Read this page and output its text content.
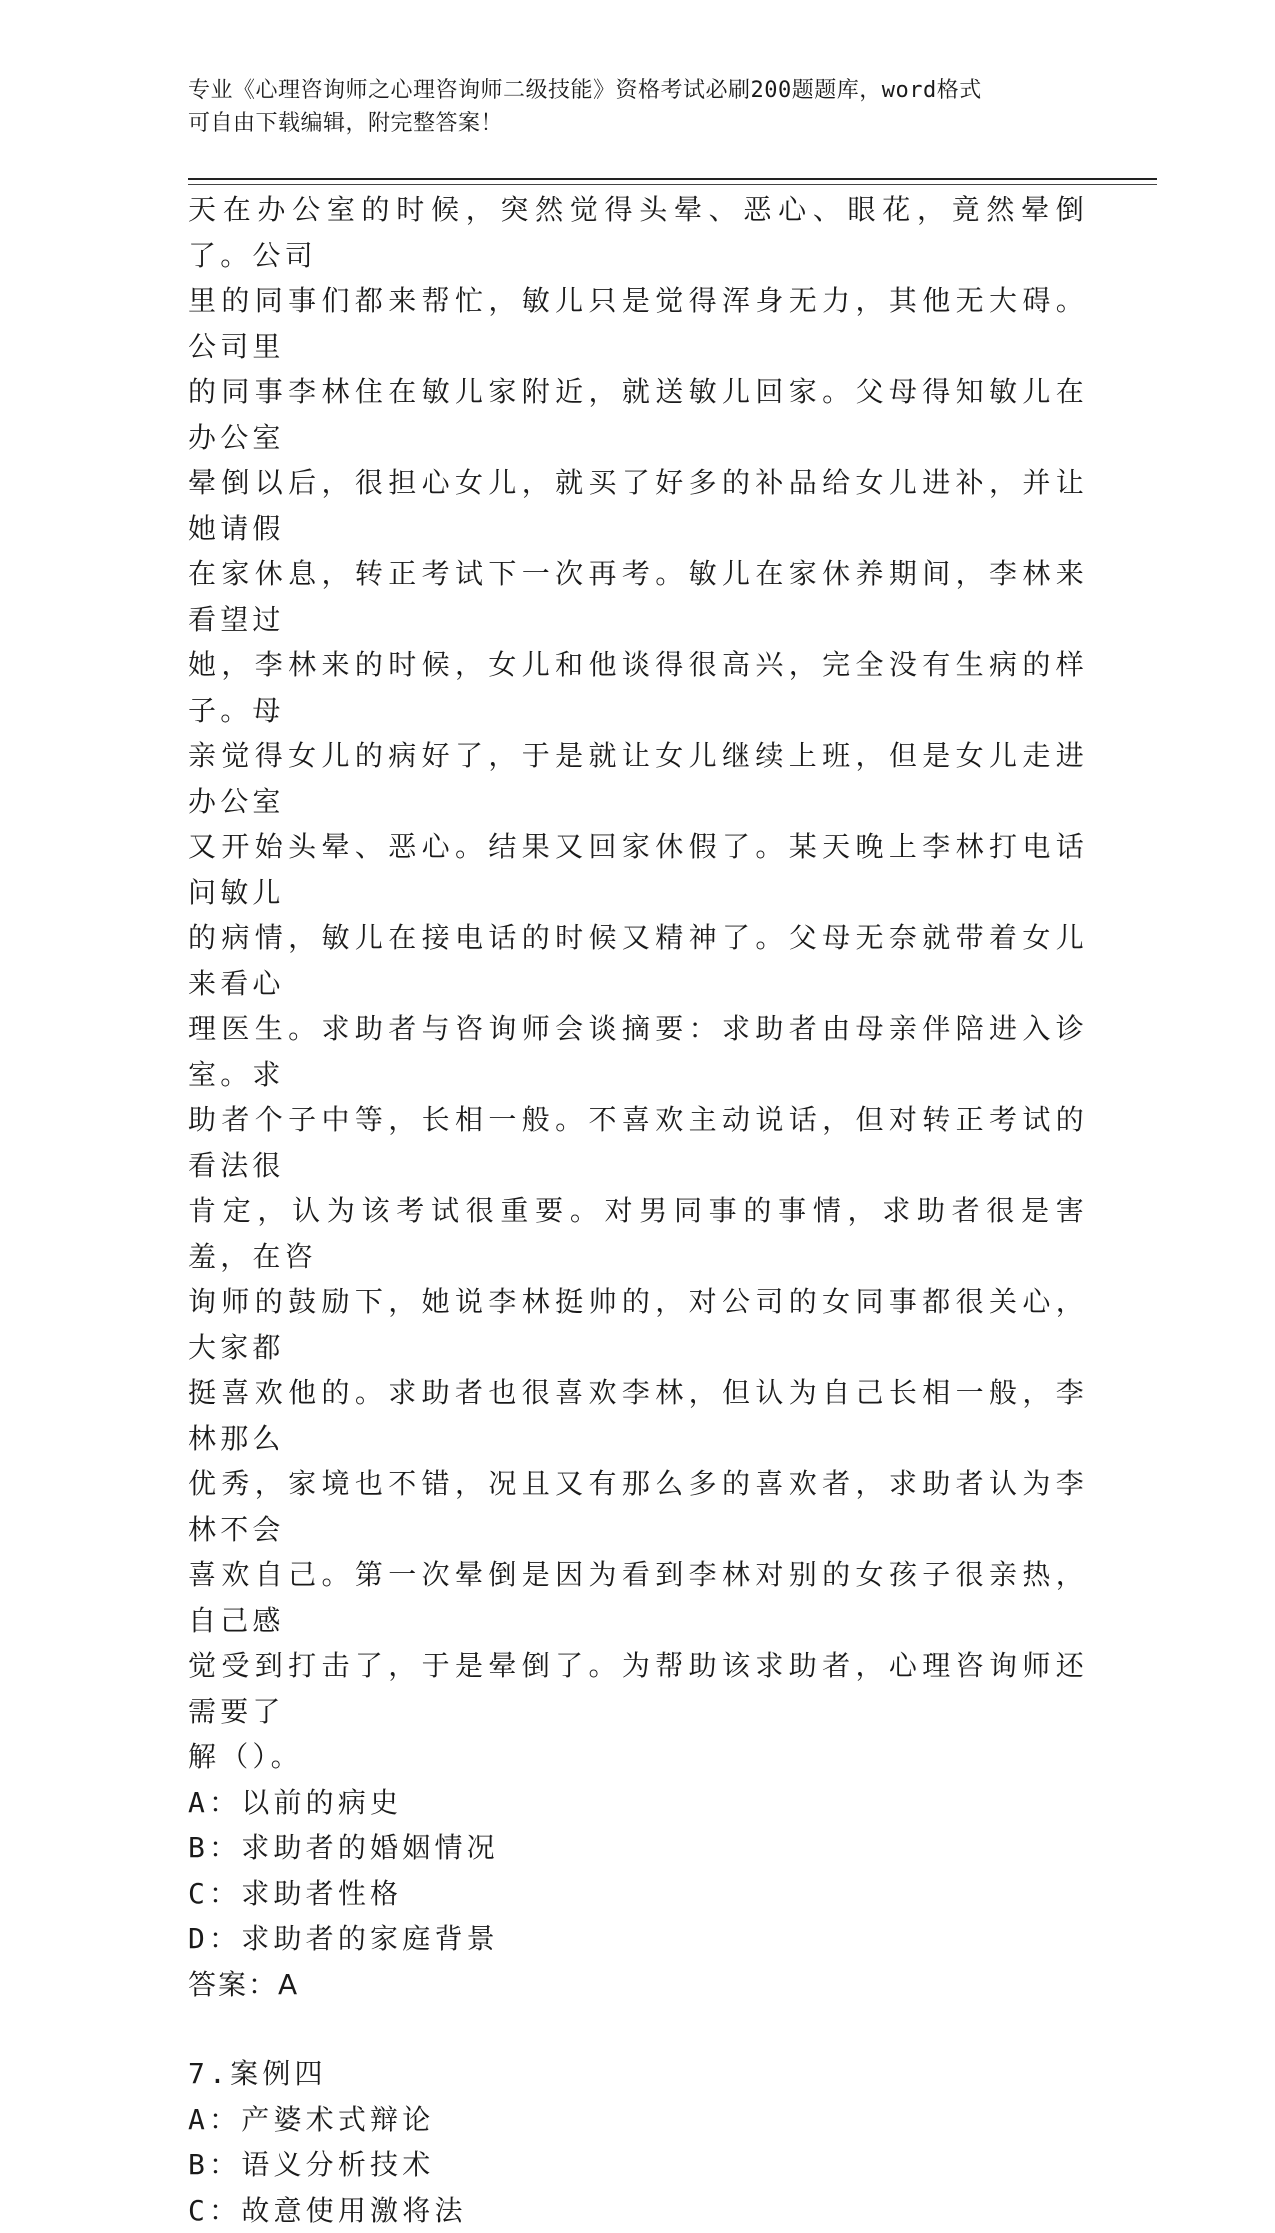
专业《心理咨询师之心理咨询师二级技能》资格考试必刷200题题库，word格式
可自由下载编辑，附完整答案！

天在办公室的时候，突然觉得头晕、恶心、眼花，竟然晕倒了。公司

里的同事们都来帮忙，敏儿只是觉得浑身无力，其他无大碍。公司里

的同事李林住在敏儿家附近，就送敏儿回家。父母得知敏儿在办公室

晕倒以后，很担心女儿，就买了好多的补品给女儿进补，并让她请假

在家休息，转正考试下一次再考。敏儿在家休养期间，李林来看望过

她，李林来的时候，女儿和他谈得很高兴，完全没有生病的样子。母

亲觉得女儿的病好了，于是就让女儿继续上班，但是女儿走进办公室

又开始头晕、恶心。结果又回家休假了。某天晚上李林打电话问敏儿

的病情，敏儿在接电话的时候又精神了。父母无奈就带着女儿来看心

理医生。求助者与咨询师会谈摘要：求助者由母亲伴陪进入诊室。求

助者个子中等，长相一般。不喜欢主动说话，但对转正考试的看法很

肯定，认为该考试很重要。对男同事的事情，求助者很是害羞，在咨

询师的鼓励下，她说李林挺帅的，对公司的女同事都很关心，大家都

挺喜欢他的。求助者也很喜欢李林，但认为自己长相一般，李林那么

优秀，家境也不错，况且又有那么多的喜欢者，求助者认为李林不会

喜欢自己。第一次晕倒是因为看到李林对别的女孩子很亲热，自己感

觉受到打击了，于是晕倒了。为帮助该求助者，心理咨询师还需要了

解（）。

A：以前的病史

B：求助者的婚姻情况

C：求助者性格

D：求助者的家庭背景

答案：A

7.案例四

A：产婆术式辩论

B：语义分析技术

C：故意使用激将法
